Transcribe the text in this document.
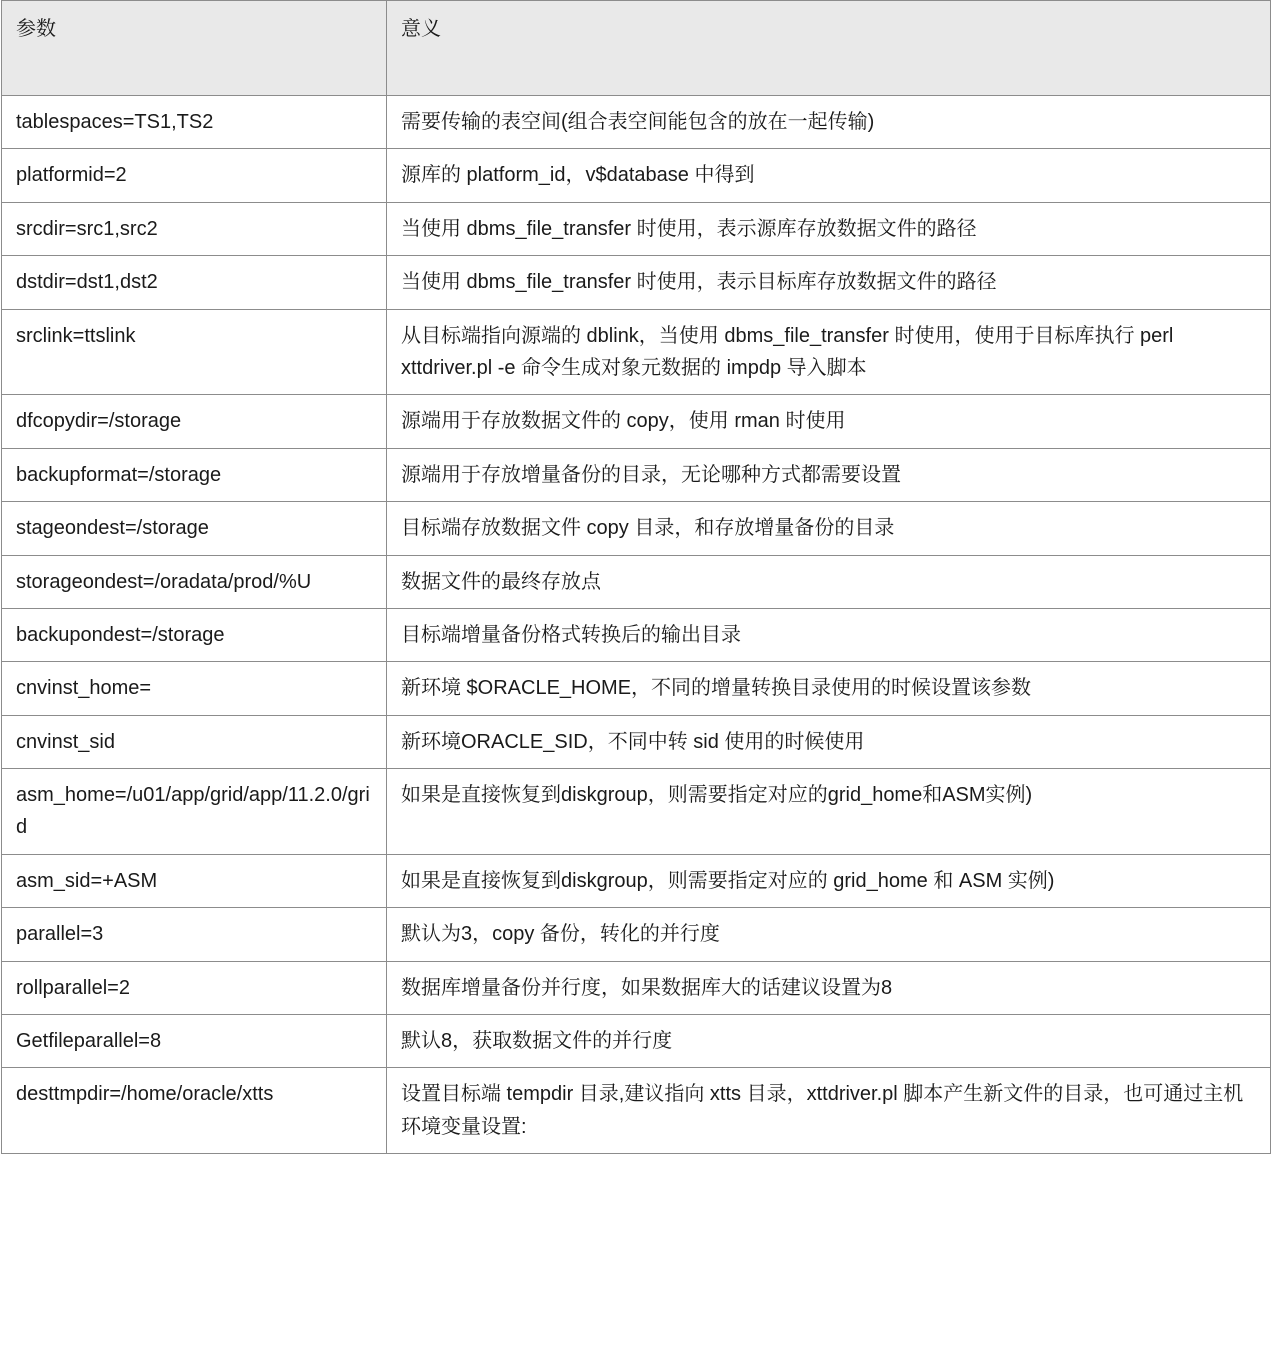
参数	意义
tablespaces=TS1,TS2	需要传输的表空间(组合表空间能包含的放在一起传输)
platformid=2	源库的 platform_id，v$database 中得到
srcdir=src1,src2	当使用 dbms_file_transfer 时使用，表示源库存放数据文件的路径
dstdir=dst1,dst2	当使用 dbms_file_transfer 时使用，表示目标库存放数据文件的路径
srclink=ttslink	从目标端指向源端的 dblink，当使用 dbms_file_transfer 时使用，使用于目标库执行 perl xttdriver.pl -e 命令生成对象元数据的 impdp 导入脚本
dfcopydir=/storage	源端用于存放数据文件的 copy，使用 rman 时使用
backupformat=/storage	源端用于存放增量备份的目录，无论哪种方式都需要设置
stageondest=/storage	目标端存放数据文件 copy 目录，和存放增量备份的目录
storageondest=/oradata/prod/%U	数据文件的最终存放点
backupondest=/storage	目标端增量备份格式转换后的输出目录
cnvinst_home=	新环境 $ORACLE_HOME，不同的增量转换目录使用的时候设置该参数
cnvinst_sid	新环境ORACLE_SID，不同中转 sid 使用的时候使用
asm_home=/u01/app/grid/app/11.2.0/grid	如果是直接恢复到diskgroup，则需要指定对应的grid_home和ASM实例)
asm_sid=+ASM	如果是直接恢复到diskgroup，则需要指定对应的 grid_home 和 ASM 实例)
parallel=3	默认为3，copy 备份，转化的并行度
rollparallel=2	数据库增量备份并行度，如果数据库大的话建议设置为8
Getfileparallel=8	默认8，获取数据文件的并行度
desttmpdir=/home/oracle/xtts	设置目标端 tempdir 目录,建议指向 xtts 目录，xttdriver.pl 脚本产生新文件的目录，也可通过主机环境变量设置:
